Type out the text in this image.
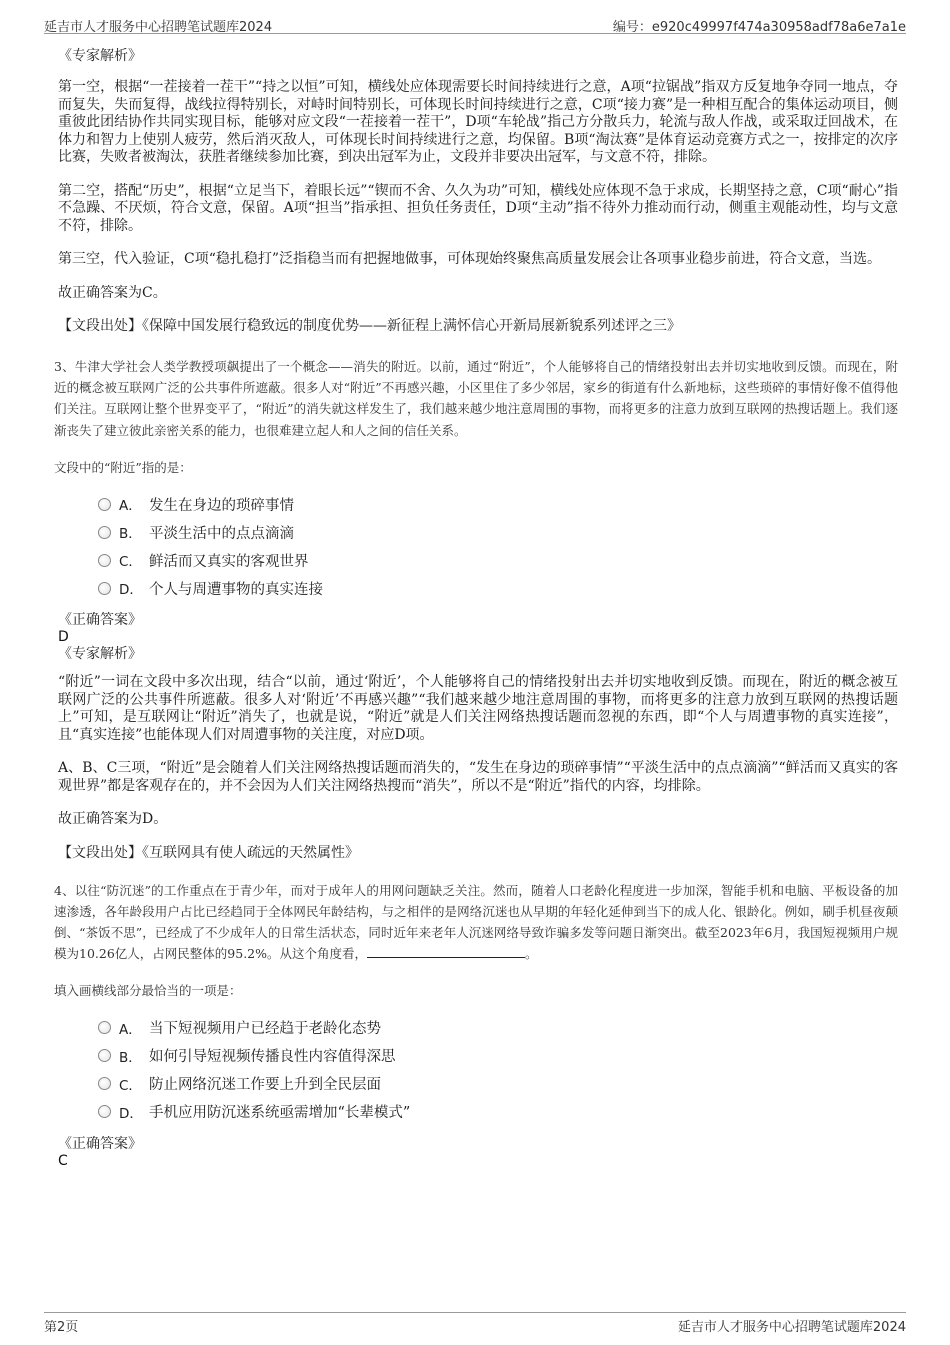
延吉市人才服务中心招聘笔试题库2024	编号：e920c49997f474a30958adf78a6e7a1e
《专家解析》
第一空，根据“一茬接着一茬干”“持之以恒”可知，横线处应体现需要长时间持续进行之意，A项“拉锯战”指双方反复地争夺同一地点，夺而复失，失而复得，战线拉得特别长，对峙时间特别长，可体现长时间持续进行之意，C项“接力赛”是一种相互配合的集体运动项目，侧重彼此团结协作共同实现目标，能够对应文段“一茬接着一茬干”，D项“车轮战”指己方分散兵力，轮流与敌人作战，或采取迂回战术，在体力和智力上使别人疲劳，然后消灭敌人，可体现长时间持续进行之意，均保留。B项“淘汰赛”是体育运动竞赛方式之一，按排定的次序比赛，失败者被淘汰，获胜者继续参加比赛，到决出冠军为止，文段并非要决出冠军，与文意不符，排除。
第二空，搭配“历史”，根据“立足当下，着眼长远”“锲而不舍、久久为功”可知，横线处应体现不急于求成，长期坚持之意，C项“耐心”指不急躁、不厌烦，符合文意，保留。A项“担当”指承担、担负任务责任，D项“主动”指不待外力推动而行动，侧重主观能动性，均与文意不符，排除。
第三空，代入验证，C项“稳扎稳打”泛指稳当而有把握地做事，可体现始终聚焦高质量发展会让各项事业稳步前进，符合文意，当选。
故正确答案为C。
【文段出处】《保障中国发展行稳致远的制度优势——新征程上满怀信心开新局展新貌系列述评之三》
3、牛津大学社会人类学教授项飙提出了一个概念——消失的附近。以前，通过“附近”，个人能够将自己的情绪投射出去并切实地收到反馈。而现在，附近的概念被互联网广泛的公共事件所遮蔽。很多人对“附近”不再感兴趣，小区里住了多少邻居，家乡的街道有什么新地标，这些琐碎的事情好像不值得他们关注。互联网让整个世界变平了，“附近”的消失就这样发生了，我们越来越少地注意周围的事物，而将更多的注意力放到互联网的热搜话题上。我们逐渐丧失了建立彼此亲密关系的能力，也很难建立起人和人之间的信任关系。
文段中的“附近”指的是：
A． 发生在身边的琐碎事情
B． 平淡生活中的点点滴滴
C． 鲜活而又真实的客观世界
D． 个人与周遭事物的真实连接
《正确答案》
D
《专家解析》
“附近”一词在文段中多次出现，结合“以前，通过‘附近’，个人能够将自己的情绪投射出去并切实地收到反馈。而现在，附近的概念被互联网广泛的公共事件所遮蔽。很多人对‘附近’不再感兴趣”“我们越来越少地注意周围的事物，而将更多的注意力放到互联网的热搜话题上”可知，是互联网让“附近”消失了，也就是说，“附近”就是人们关注网络热搜话题而忽视的东西，即“个人与周遭事物的真实连接”，且“真实连接”也能体现人们对周遭事物的关注度，对应D项。
A、B、C三项，“附近”是会随着人们关注网络热搜话题而消失的，“发生在身边的琐碎事情”“平淡生活中的点点滴滴”“鲜活而又真实的客观世界”都是客观存在的，并不会因为人们关注网络热搜而“消失”，所以不是“附近”指代的内容，均排除。
故正确答案为D。
【文段出处】《互联网具有使人疏远的天然属性》
4、以往“防沉迷”的工作重点在于青少年，而对于成年人的用网问题缺乏关注。然而，随着人口老龄化程度进一步加深，智能手机和电脑、平板设备的加速渗透，各年龄段用户占比已经趋同于全体网民年龄结构，与之相伴的是网络沉迷也从早期的年轻化延伸到当下的成人化、银龄化。例如，刷手机昼夜颠倒、“茶饭不思”，已经成了不少成年人的日常生活状态，同时近年来老年人沉迷网络导致诈骗多发等问题日渐突出。截至2023年6月，我国短视频用户规模为10.26亿人，占网民整体的95.2%。从这个角度看，	。
填入画横线部分最恰当的一项是：
A． 当下短视频用户已经趋于老龄化态势
B． 如何引导短视频传播良性内容值得深思
C． 防止网络沉迷工作要上升到全民层面
D． 手机应用防沉迷系统亟需增加“长辈模式”
《正确答案》
C
第2页	延吉市人才服务中心招聘笔试题库2024
